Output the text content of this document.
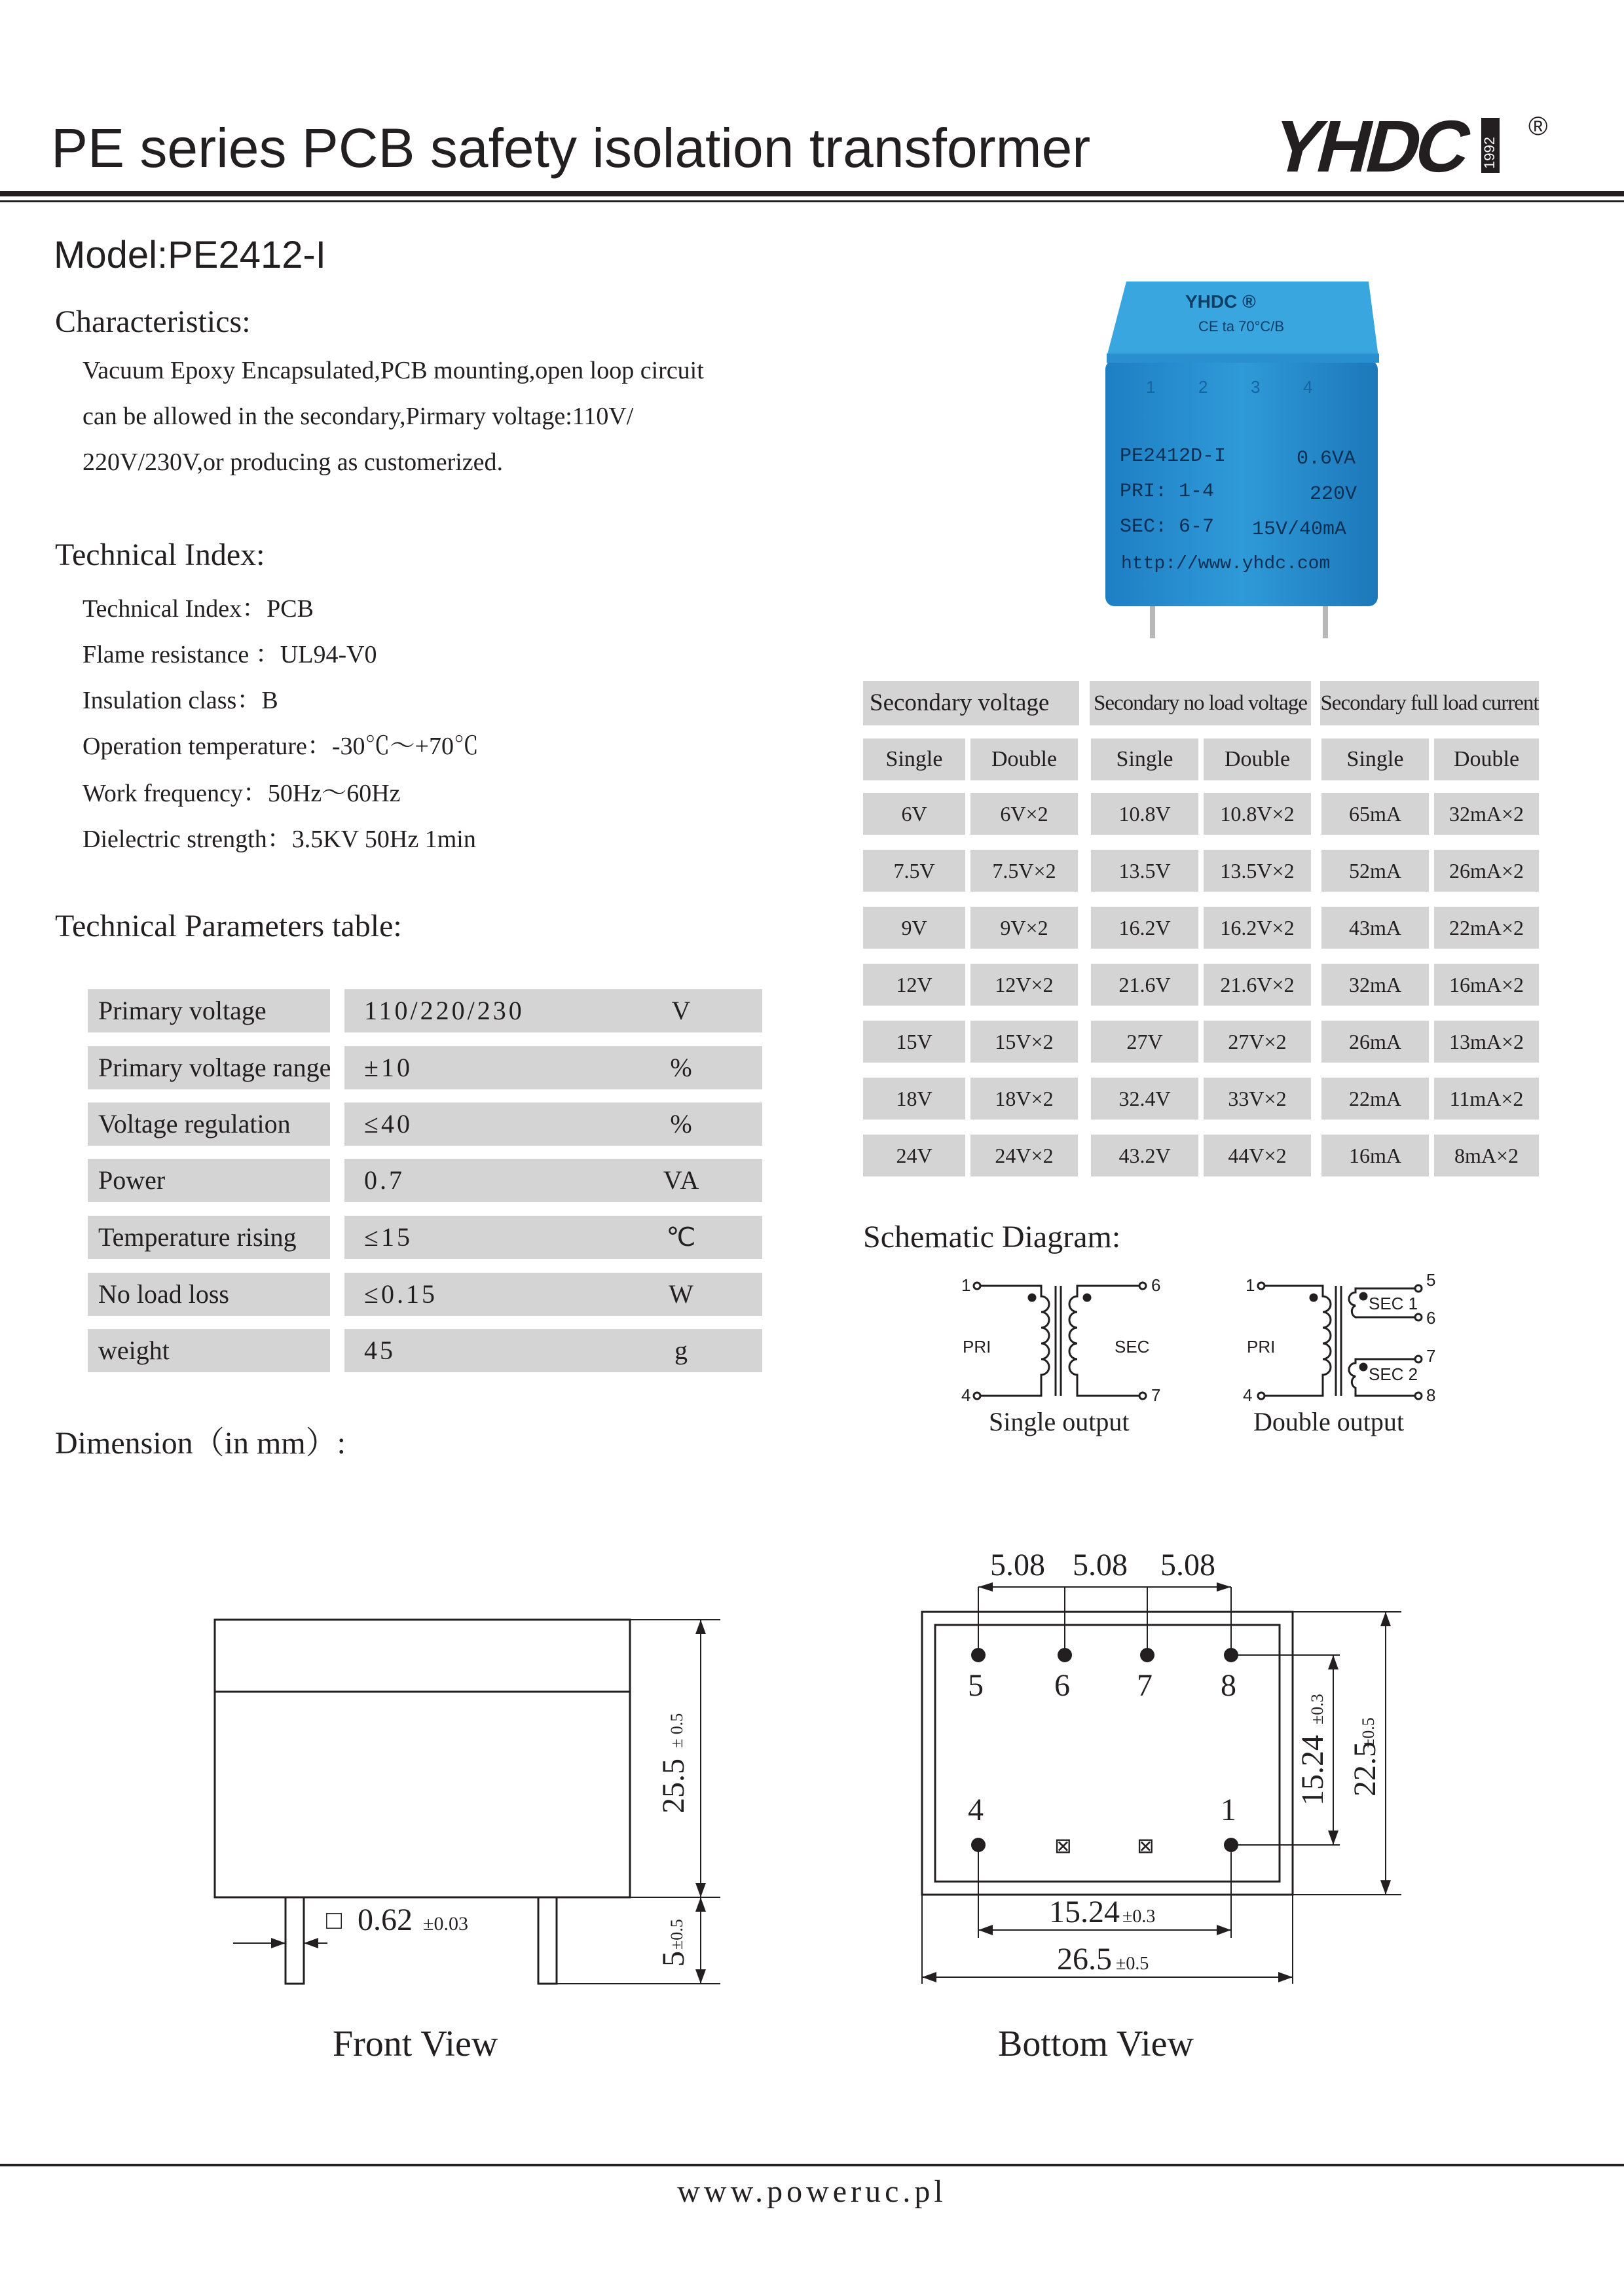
PE series PCB safety isolation transformer YHDC 1992
®
Model:PE2412-I
Characteristics:
Vacuum Epoxy Encapsulated,PCB mounting,open loop circuit
can be allowed in the secondary,Pirmary voltage:110V/
220V/230V,or producing as customerized.
Technical Index:
Technical Index：PCB
Flame resistance ：UL94-V0
Insulation class：B
Operation temperature：-30℃～+70℃
Work frequency：50Hz～60Hz
Dielectric strength：3.5KV 50Hz 1min
Technical Parameters table:
Primary voltage	110/220/230	V
Primary voltage range	±10	%
Voltage regulation	≤40	%
Power	0.7	VA
Temperature rising	≤15	℃
No load loss	≤0.15	W
weight	45	g
Dimension（in mm）:
YHDC ®
CE ta 70°C/B
1	2	3	4
PE2412D-I	0.6VA
PRI: 1-4	220V
SEC: 6-7 15V/40mA
http://www.yhdc.com
Secondary voltage	Secondary no load voltage Secondary full load current
Single	Double	Single	Double	Single	Double
6V	6V×2	10.8V	10.8V×2	65mA	32mA×2
7.5V	7.5V×2	13.5V	13.5V×2	52mA	26mA×2
9V	9V×2	16.2V	16.2V×2	43mA	22mA×2
12V	12V×2	21.6V	21.6V×2	32mA	16mA×2
15V	15V×2	27V	27V×2	26mA	13mA×2
18V	18V×2	32.4V	33V×2	22mA	11mA×2
24V	24V×2	43.2V	44V×2	16mA	8mA×2
Schematic Diagram:
1
4
6
7
PRI	SEC
Single output
1
4
5
6
7
8
PRI
SEC 1
SEC 2
Double output
25.5
± 0.5
5
±0.5
□ 0.62 ±0.03
Front View
5.08 5.08 5.08
5 6 7 8
4	1
⊠	⊠
15.24
±0.3
22.5
±0.5
15.24 ±0.3
26.5 ±0.5
Bottom View
www.poweruc.pl
